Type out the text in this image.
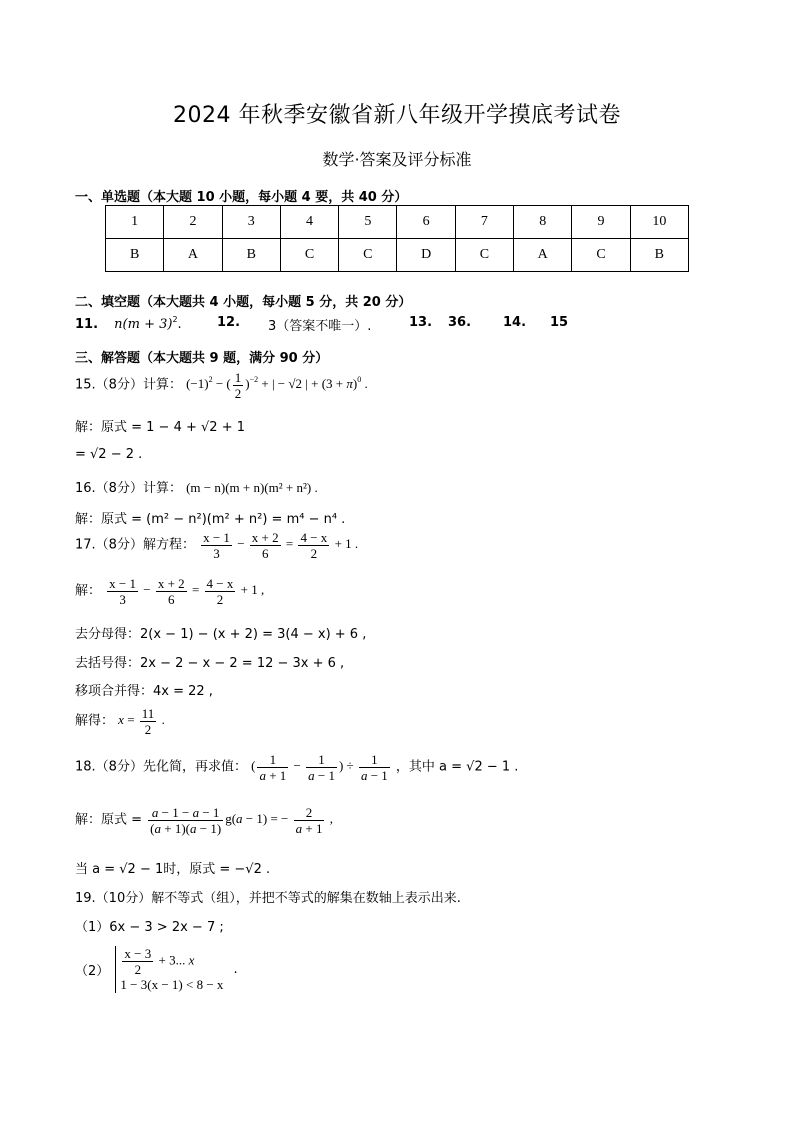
2024 年秋季安徽省新八年级开学摸底考试卷
数学·答案及评分标准
一、单选题（本大题 10 小题，每小题 4 要，共 40 分）
1	2	3	4	5	6	7	8	9	10
B	A	B	C	C	D	C	A	C	B
二、填空题（本大题共 4 小题，每小题 5 分，共 20 分）
11. $n(m + 3)^2$.	12. 3（答案不唯一）.	13. 36. 14. 15
三、解答题（本大题共 9 题，满分 90 分）
15.（8分）计算： $(-1)^2$ − ( $\frac{1}{2} )^{-2}$ + | − √2 | + $(3 + \pi)^0$ .
解：原式 = 1 − 4 + √2 + 1
= √2 − 2 .
16.（8分）计算： (m − n)(m + n)(m² + n²) .
解：原式 = (m² − n²)(m² + n²) = m⁴ − n⁴ .
17.（8分）解方程： $\frac{x - 1}{3} - \frac{x + 2}{6} = \frac{4 - x}{2} + 1$ .
解： $\frac{x - 1}{3} - \frac{x + 2}{6} = \frac{4 - x}{2} + 1$ ,
去分母得：2(x − 1) − (x + 2) = 3(4 − x) + 6 ,
去括号得：2x − 2 − x − 2 = 12 − 3x + 6 ,
移项合并得：4x = 22 ,
解得： $x = \frac{11}{2}$ .
18.（8分）先化简，再求值： ( $\frac{1}{a + 1} - \frac{1}{a - 1}$ ) ÷ $\frac{1}{a - 1}$ ，其中 a = √2 − 1 .
解：原式 = $\frac{a - 1 - a - 1}{(a + 1)(a - 1)} g(a - 1)$ = − $\frac{2}{a + 1}$ ,
当 a = √2 − 1时，原式 = −√2 .
19.（10分）解不等式（组），并把不等式的解集在数轴上表示出来.
（1）6x − 3 > 2x − 7 ;
$(2) \frac{x - 3}{2} + 3$... x
1 − 3(x − 1) < 8 − x
.
